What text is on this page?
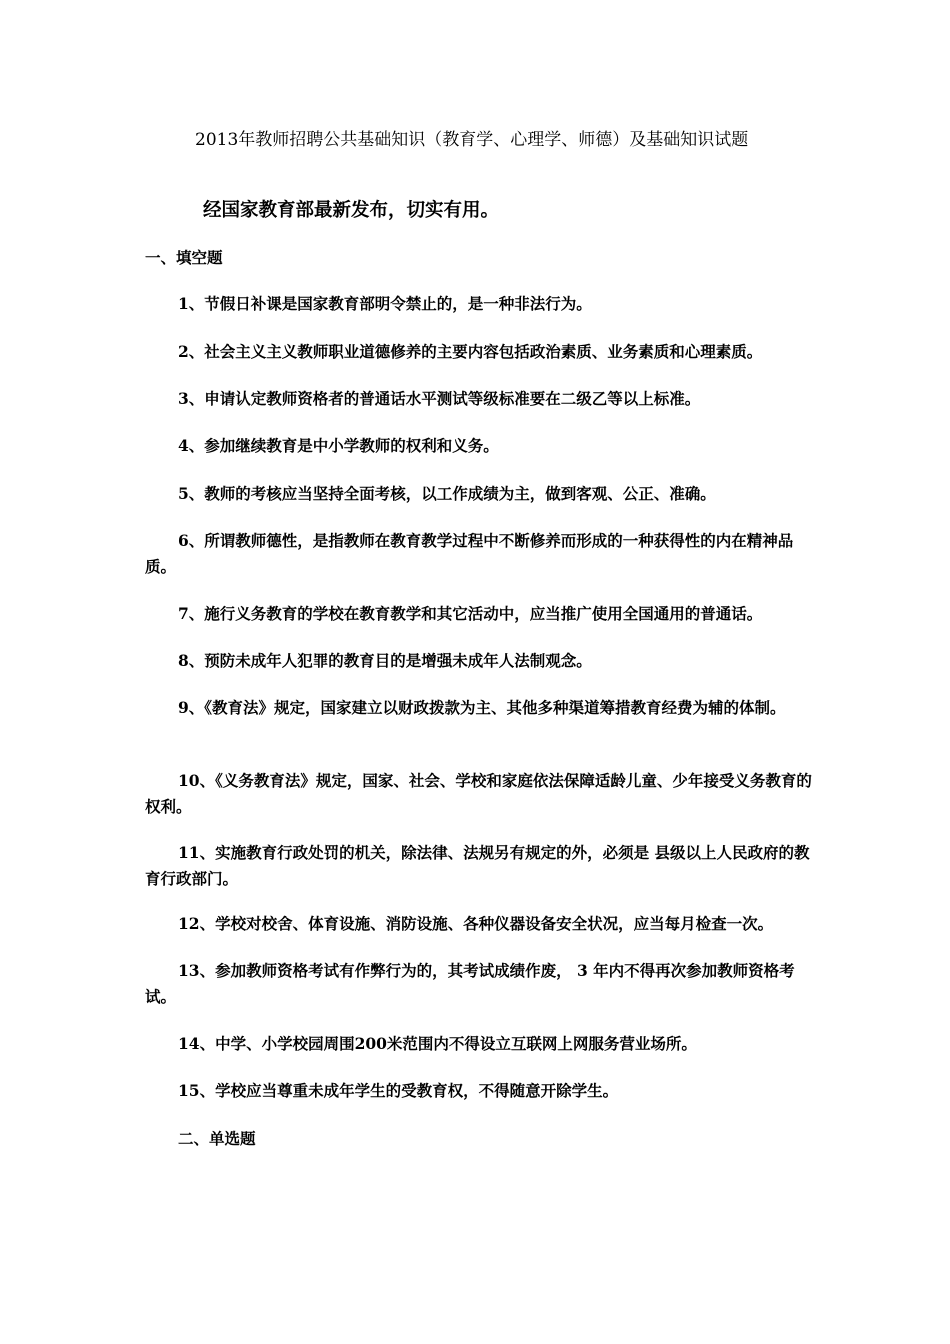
2013年教师招聘公共基础知识（教育学、心理学、师德）及基础知识试题

经国家教育部最新发布，切实有用。

一、填空题

1、节假日补课是国家教育部明令禁止的，是一种非法行为。

2、社会主义主义教师职业道德修养的主要内容包括政治素质、业务素质和心理素质。

3、申请认定教师资格者的普通话水平测试等级标准要在二级乙等以上标准。

4、参加继续教育是中小学教师的权利和义务。

5、教师的考核应当坚持全面考核，以工作成绩为主，做到客观、公正、准确。

6、所谓教师德性，是指教师在教育教学过程中不断修养而形成的一种获得性的内在精神品质。

7、施行义务教育的学校在教育教学和其它活动中，应当推广使用全国通用的普通话。

8、预防未成年人犯罪的教育目的是增强未成年人法制观念。

9、《教育法》规定，国家建立以财政拨款为主、其他多种渠道筹措教育经费为辅的体制。

10、《义务教育法》规定，国家、社会、学校和家庭依法保障适龄儿童、少年接受义务教育的权利。

11、实施教育行政处罚的机关，除法律、法规另有规定的外，必须是 县级以上人民政府的教育行政部门。

12、学校对校舍、体育设施、消防设施、各种仪器设备安全状况，应当每月检查一次。

13、参加教师资格考试有作弊行为的，其考试成绩作废， 3 年内不得再次参加教师资格考试。

14、中学、小学校园周围200米范围内不得设立互联网上网服务营业场所。

15、学校应当尊重未成年学生的受教育权，不得随意开除学生。

二、单选题
